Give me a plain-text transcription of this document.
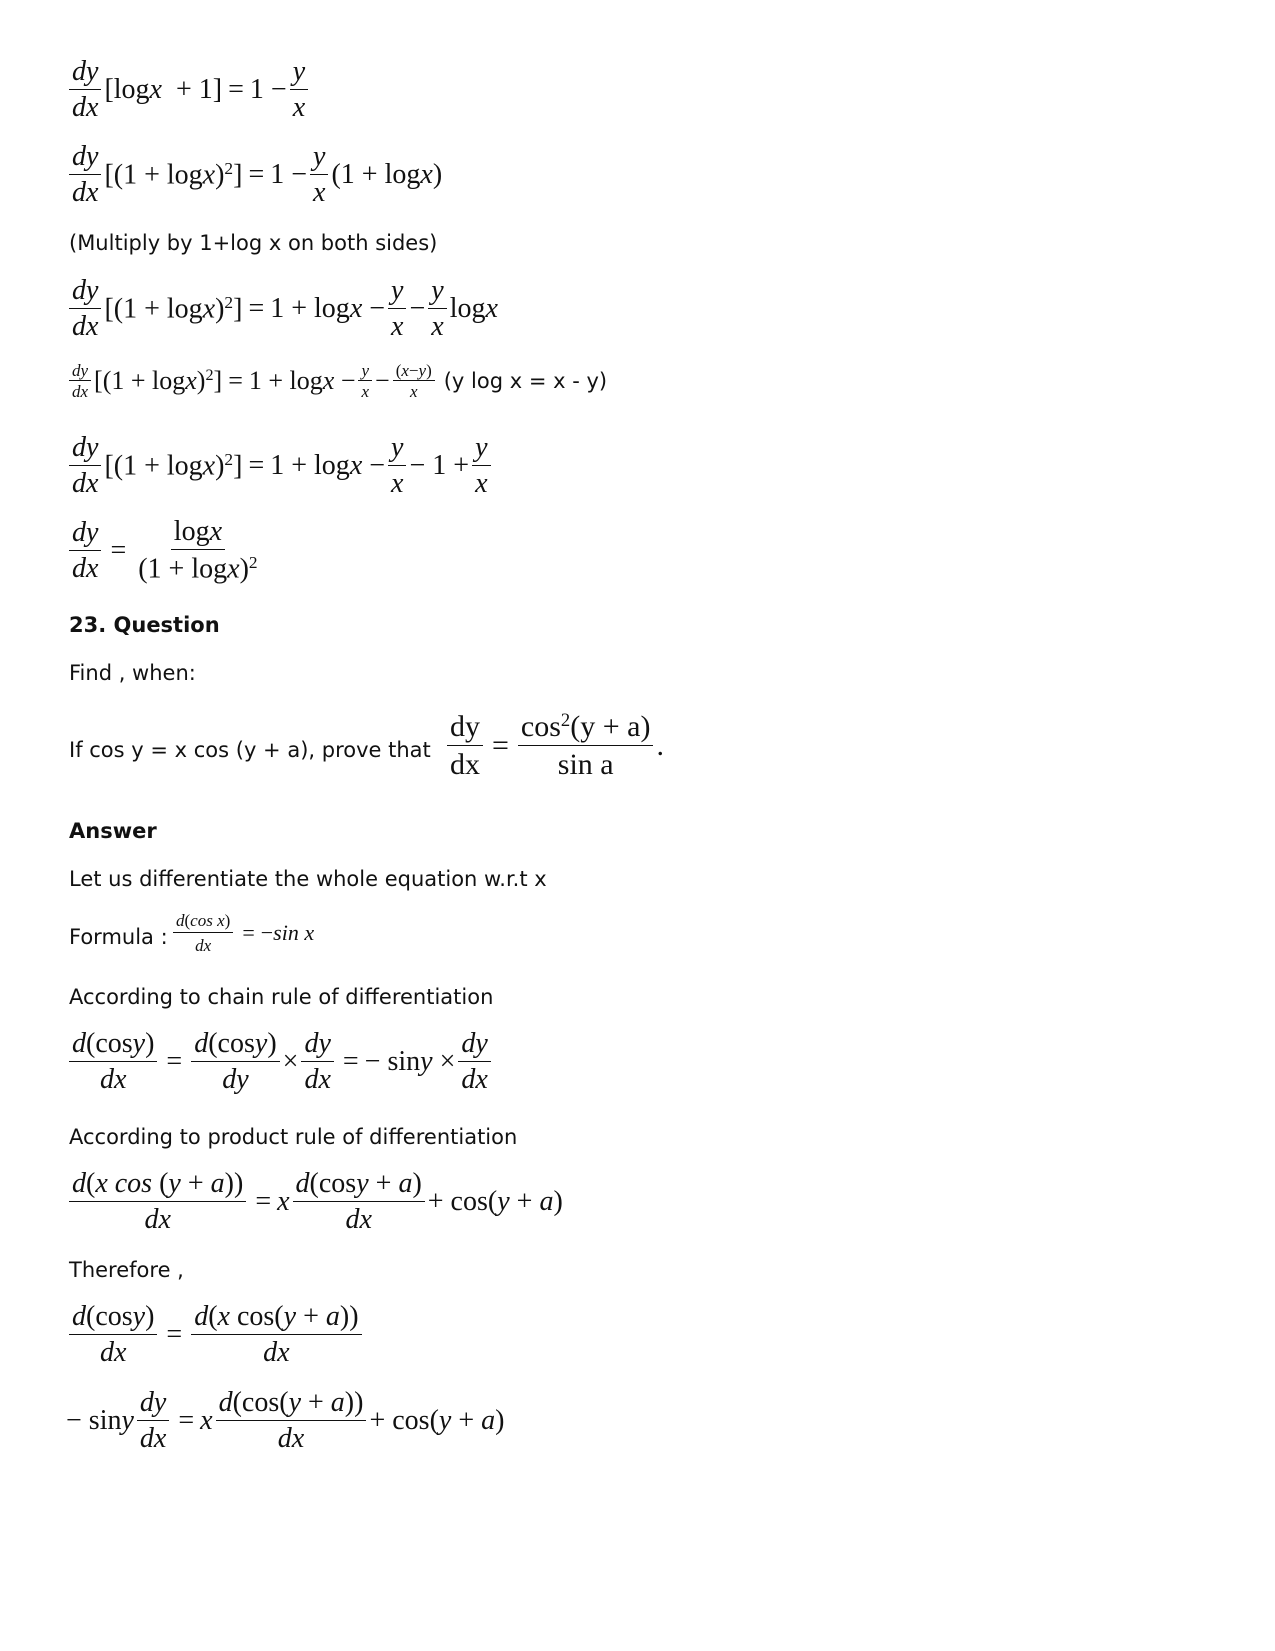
$\frac{dy}{dx} [\log x + 1] = 1 - \frac{y}{x}$
$\frac{dy}{dx} [(1 + \log x)^2] = 1 - \frac{y}{x} (1 + \log x)$
(Multiply by 1+log x on both sides)
$\frac{dy}{dx} [(1 + \log x)^2] = 1 + \log x - \frac{y}{x} - \frac{y}{x}$ logx
$\frac{dy}{dx} [(1 + \log x)^2] = 1 + \log x - \frac{y}{x} - \frac{(x-y)}{x} (y$ log x = x - y)
$\frac{dy}{dx} [(1 + \log x)^2] = 1 + \log x - \frac{y}{x} - 1 + \frac{y}{x}$
$\frac{dy}{dx} = \frac{\log x}{(1 + \log x)^2}$
23. Question
Find , when:
If cos y = x cos (y + a), prove that $\frac{dy}{dx} = \frac{\cos^2(y + a)}{\text{sin a}}$ .
Answer
Let us differentiate the whole equation w.r.t x
Formula : $\frac{\text{d(cos x)}}{dx} = -\sin$ x
According to chain rule of differentiation
$\frac{d(\cos y)}{dx} = \frac{d(\cos y)}{dy} \times \frac{dy}{dx}$ = − $\sin y \times \frac{dy}{dx}$
According to product rule of differentiation
$\frac{\text{d(x cos (y + a))}}{dx} = x \frac{d(\cos y + a)}{dx} + \cos(y + a)$
Therefore ,
$\frac{d(\cos y)}{dx} = \frac{\text{d(x cos(y + a))}}{dx}$
− siny $\frac{dy}{dx} = x \frac{d(\cos(y + a))}{dx} + \cos(y + a)$
